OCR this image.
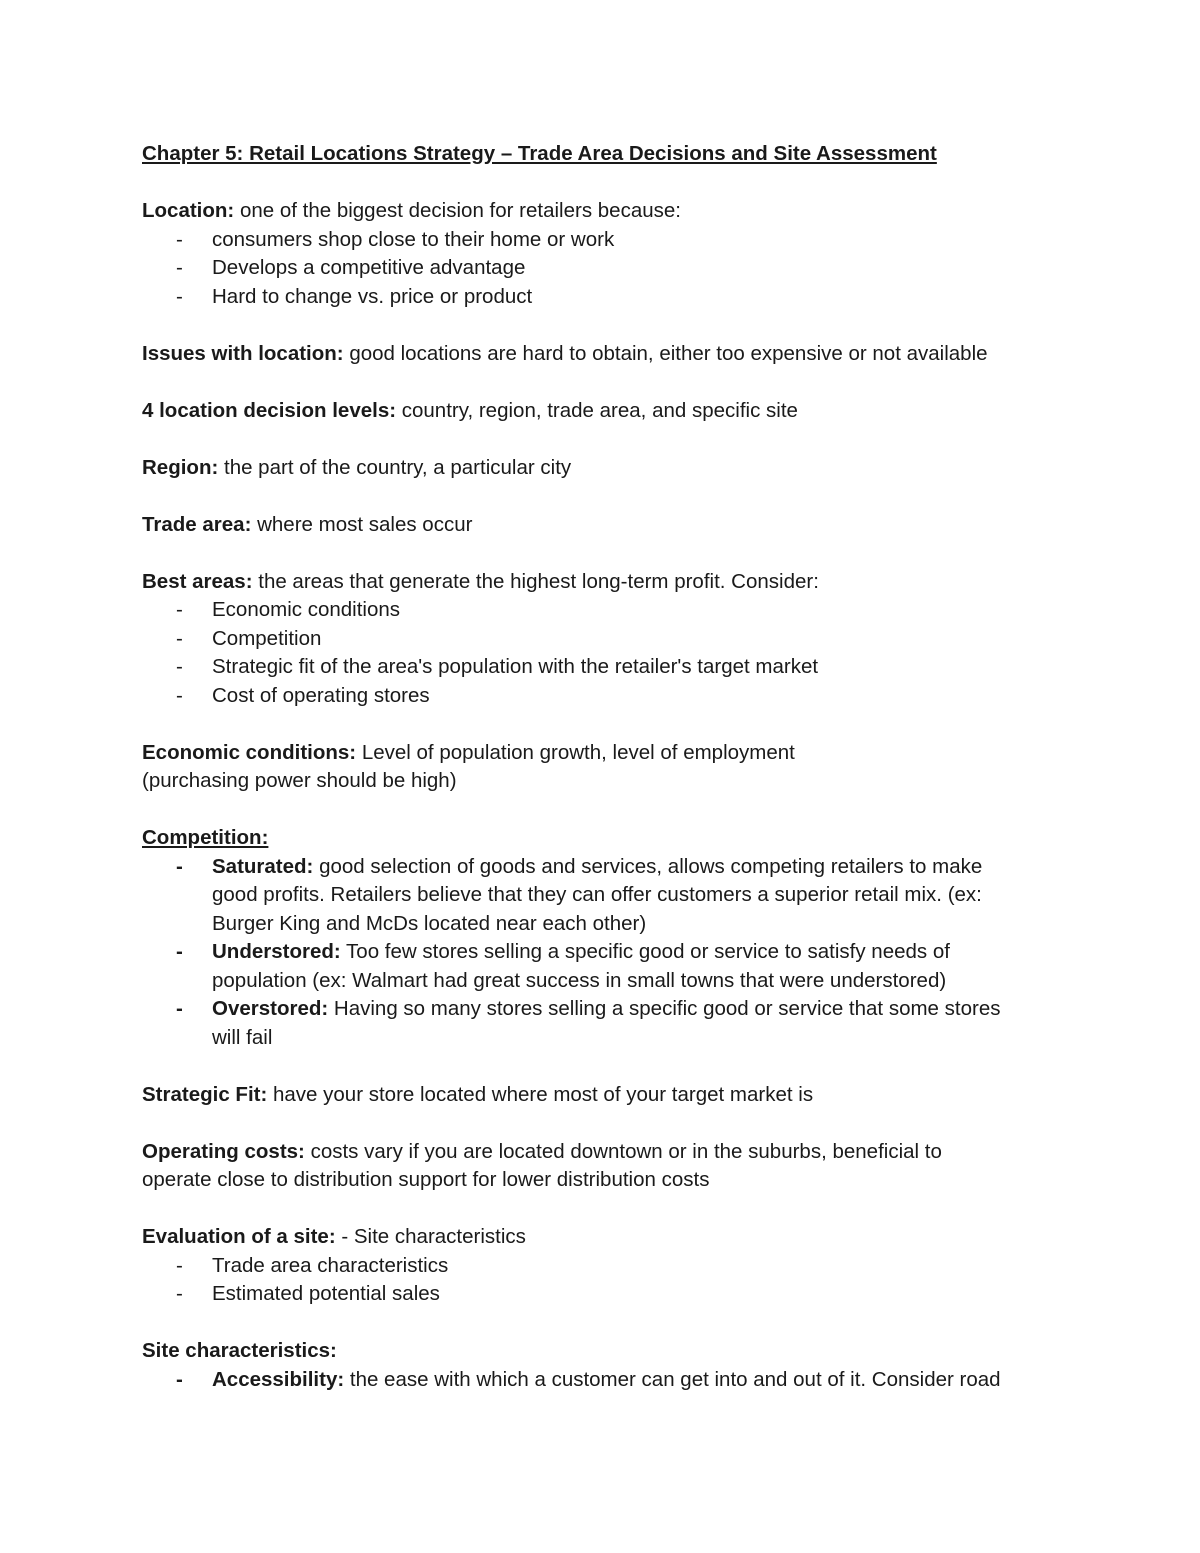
Chapter 5: Retail Locations Strategy – Trade Area Decisions and Site Assessment
Location: one of the biggest decision for retailers because:
-	consumers shop close to their home or work
-	Develops a competitive advantage
-	Hard to change vs. price or product
Issues with location: good locations are hard to obtain, either too expensive or not available
4 location decision levels: country, region, trade area, and specific site
Region: the part of the country, a particular city
Trade area: where most sales occur
Best areas: the areas that generate the highest long-term profit. Consider:
-	Economic conditions
-	Competition
-	Strategic fit of the area's population with the retailer's target market
-	Cost of operating stores
Economic conditions: Level of population growth, level of employment
(purchasing power should be high)
Competition:
-	Saturated: good selection of goods and services, allows competing retailers to make
good profits. Retailers believe that they can offer customers a superior retail mix. (ex:
Burger King and McDs located near each other)
-	Understored: Too few stores selling a specific good or service to satisfy needs of
population (ex: Walmart had great success in small towns that were understored)
-	Overstored: Having so many stores selling a specific good or service that some stores
will fail
Strategic Fit: have your store located where most of your target market is
Operating costs: costs vary if you are located downtown or in the suburbs, beneficial to
operate close to distribution support for lower distribution costs
Evaluation of a site: - Site characteristics
-	Trade area characteristics
-	Estimated potential sales
Site characteristics:
-	Accessibility: the ease with which a customer can get into and out of it. Consider road
